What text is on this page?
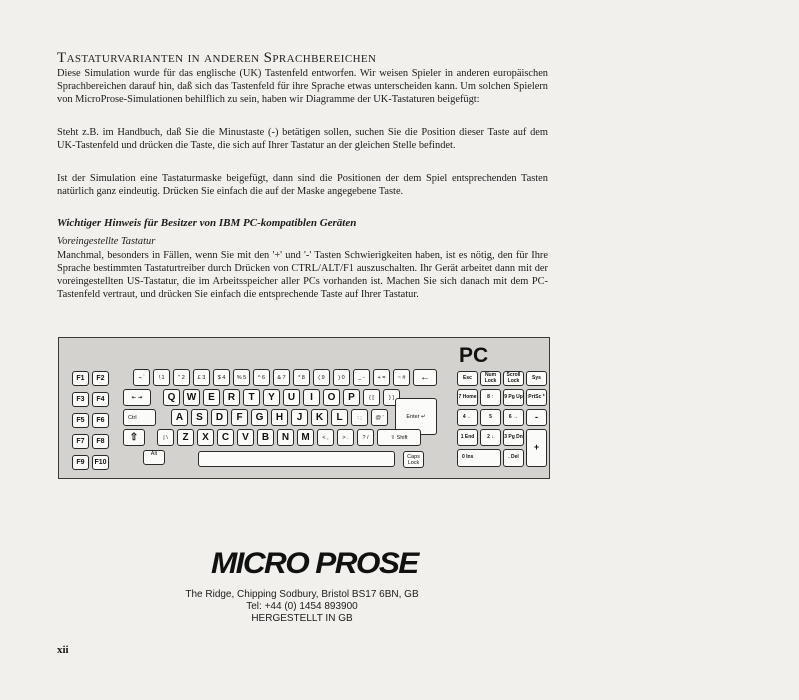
Tastaturvarianten in anderen Sprachbereichen

Diese Simulation wurde für das englische (UK) Tastenfeld entworfen. Wir weisen Spieler in anderen europäischen Sprachbereichen darauf hin, daß sich das Tastenfeld für ihre Sprache etwas unterscheiden kann. Um solchen Spielern von MicroProse-Simulationen behilflich zu sein, haben wir Diagramme der UK-Tastaturen beigefügt:

Steht z.B. im Handbuch, daß Sie die Minustaste (-) betätigen sollen, suchen Sie die Position dieser Taste auf dem UK-Tastenfeld und drücken die Taste, die sich auf Ihrer Tastatur an der gleichen Stelle befindet.

Ist der Simulation eine Tastaturmaske beigefügt, dann sind die Positionen der dem Spiel entsprechenden Tasten natürlich ganz eindeutig. Drücken Sie einfach die auf der Maske angegebene Taste.

Wichtiger Hinweis für Besitzer von IBM PC-kompatiblen Geräten
Voreingestellte Tastatur

Manchmal, besonders in Fällen, wenn Sie mit den '+' und '-' Tasten Schwierigkeiten haben, ist es nötig, den für Ihre Sprache bestimmten Tastaturtreiber durch Drücken von CTRL/ALT/F1 auszuschalten. Ihr Gerät arbeitet dann mit der voreingestellten US-Tastatur, die im Arbeitsspeicher aller PCs vorhanden ist. Machen Sie sich danach mit dem PC-Tastenfeld vertraut, und drücken Sie einfach die entsprechende Taste auf Ihrer Tastatur.

PC
F1	F2
F3	F4
F5	F6
F7	F8
F9	F10
¬ `	! 1	" 2	£ 3	$ 4	% 5	^ 6	& 7	* 8	( 9	) 0	_ -	+ =	~ #	←
⇤ ⇥	Q	W	E	R	T	Y	U	I	O	P	{ [	} ]
Ctrl	A	S	D	F	G	H	J	K	L	: ;	@ '	Enter ↵
⇧	| \	Z	X	C	V	B	N	M	< ,	> .	? /	⇧ Shift
Alt	Caps Lock
Esc	Num Lock
Scroll Lock	Sys
7 Home	8 ↑	9 Pg Up	PrtSc *
4 ←	5	6 →	-
1 End	2 ↓	3 Pg Dn
+
0 Ins	. Del
MICRO PROSE
The Ridge, Chipping Sodbury, Bristol BS17 6BN, GB
Tel: +44 (0) 1454 893900
HERGESTELLT IN GB
xii
